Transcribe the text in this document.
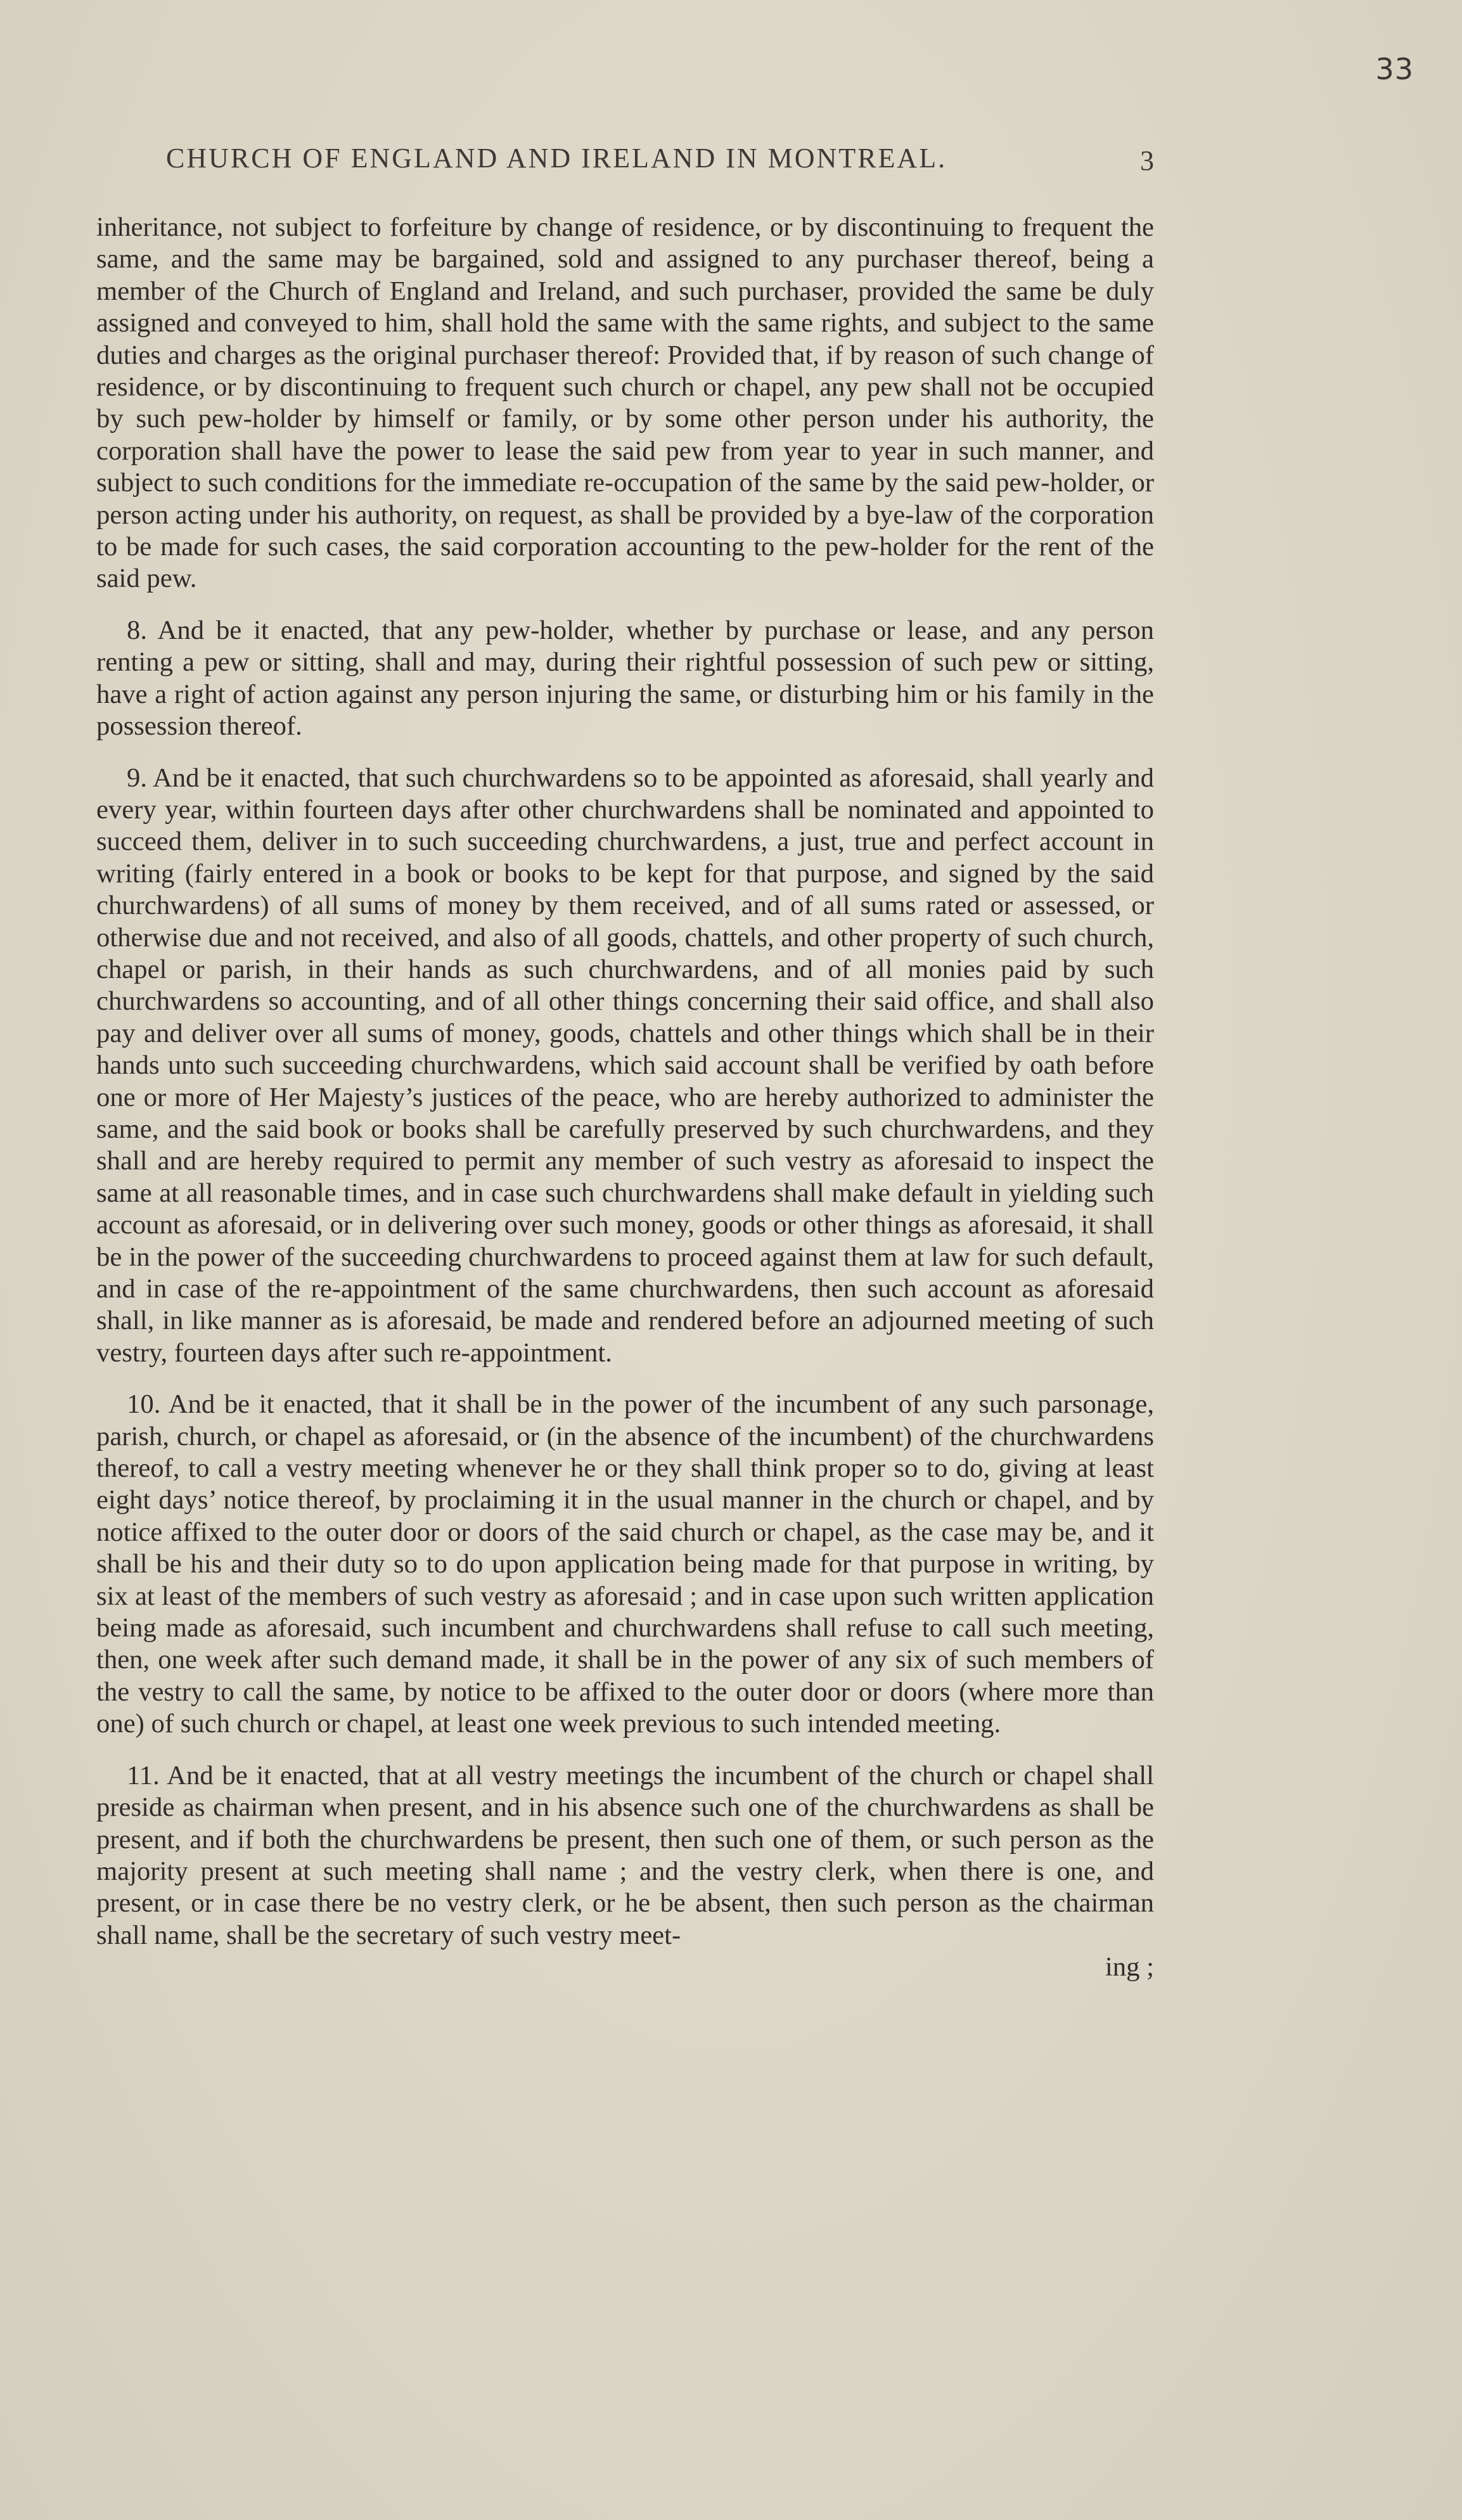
33
CHURCH OF ENGLAND AND IRELAND IN MONTREAL.	3

inheritance, not subject to forfeiture by change of residence, or by discontinuing to frequent the same, and the same may be bargained, sold and assigned to any purchaser thereof, being a member of the Church of England and Ireland, and such purchaser, provided the same be duly assigned and conveyed to him, shall hold the same with the same rights, and subject to the same duties and charges as the original purchaser thereof: Provided that, if by reason of such change of residence, or by discontinuing to frequent such church or chapel, any pew shall not be occupied by such pew-holder by himself or family, or by some other person under his authority, the corporation shall have the power to lease the said pew from year to year in such manner, and subject to such conditions for the immediate re-occupation of the same by the said pew-holder, or person acting under his authority, on request, as shall be provided by a bye-law of the corporation to be made for such cases, the said corporation accounting to the pew-holder for the rent of the said pew.

8. And be it enacted, that any pew-holder, whether by purchase or lease, and any person renting a pew or sitting, shall and may, during their rightful possession of such pew or sitting, have a right of action against any person injuring the same, or disturbing him or his family in the possession thereof.

9. And be it enacted, that such churchwardens so to be appointed as aforesaid, shall yearly and every year, within fourteen days after other churchwardens shall be nominated and appointed to succeed them, deliver in to such succeeding churchwardens, a just, true and perfect account in writing (fairly entered in a book or books to be kept for that purpose, and signed by the said churchwardens) of all sums of money by them received, and of all sums rated or assessed, or otherwise due and not received, and also of all goods, chattels, and other property of such church, chapel or parish, in their hands as such churchwardens, and of all monies paid by such churchwardens so accounting, and of all other things concerning their said office, and shall also pay and deliver over all sums of money, goods, chattels and other things which shall be in their hands unto such succeeding churchwardens, which said account shall be verified by oath before one or more of Her Majesty’s justices of the peace, who are hereby authorized to administer the same, and the said book or books shall be carefully preserved by such churchwardens, and they shall and are hereby required to permit any member of such vestry as aforesaid to inspect the same at all reasonable times, and in case such churchwardens shall make default in yielding such account as aforesaid, or in delivering over such money, goods or other things as aforesaid, it shall be in the power of the succeeding churchwardens to proceed against them at law for such default, and in case of the re-appointment of the same churchwardens, then such account as aforesaid shall, in like manner as is aforesaid, be made and rendered before an adjourned meeting of such vestry, fourteen days after such re-appointment.

10. And be it enacted, that it shall be in the power of the incumbent of any such parsonage, parish, church, or chapel as aforesaid, or (in the absence of the incumbent) of the churchwardens thereof, to call a vestry meeting whenever he or they shall think proper so to do, giving at least eight days’ notice thereof, by proclaiming it in the usual manner in the church or chapel, and by notice affixed to the outer door or doors of the said church or chapel, as the case may be, and it shall be his and their duty so to do upon application being made for that purpose in writing, by six at least of the members of such vestry as aforesaid ; and in case upon such written application being made as aforesaid, such incumbent and churchwardens shall refuse to call such meeting, then, one week after such demand made, it shall be in the power of any six of such members of the vestry to call the same, by notice to be affixed to the outer door or doors (where more than one) of such church or chapel, at least one week previous to such intended meeting.

11. And be it enacted, that at all vestry meetings the incumbent of the church or chapel shall preside as chairman when present, and in his absence such one of the churchwardens as shall be present, and if both the churchwardens be present, then such one of them, or such person as the majority present at such meeting shall name ; and the vestry clerk, when there is one, and present, or in case there be no vestry clerk, or he be absent, then such person as the chairman shall name, shall be the secretary of such vestry meet-

ing ;
